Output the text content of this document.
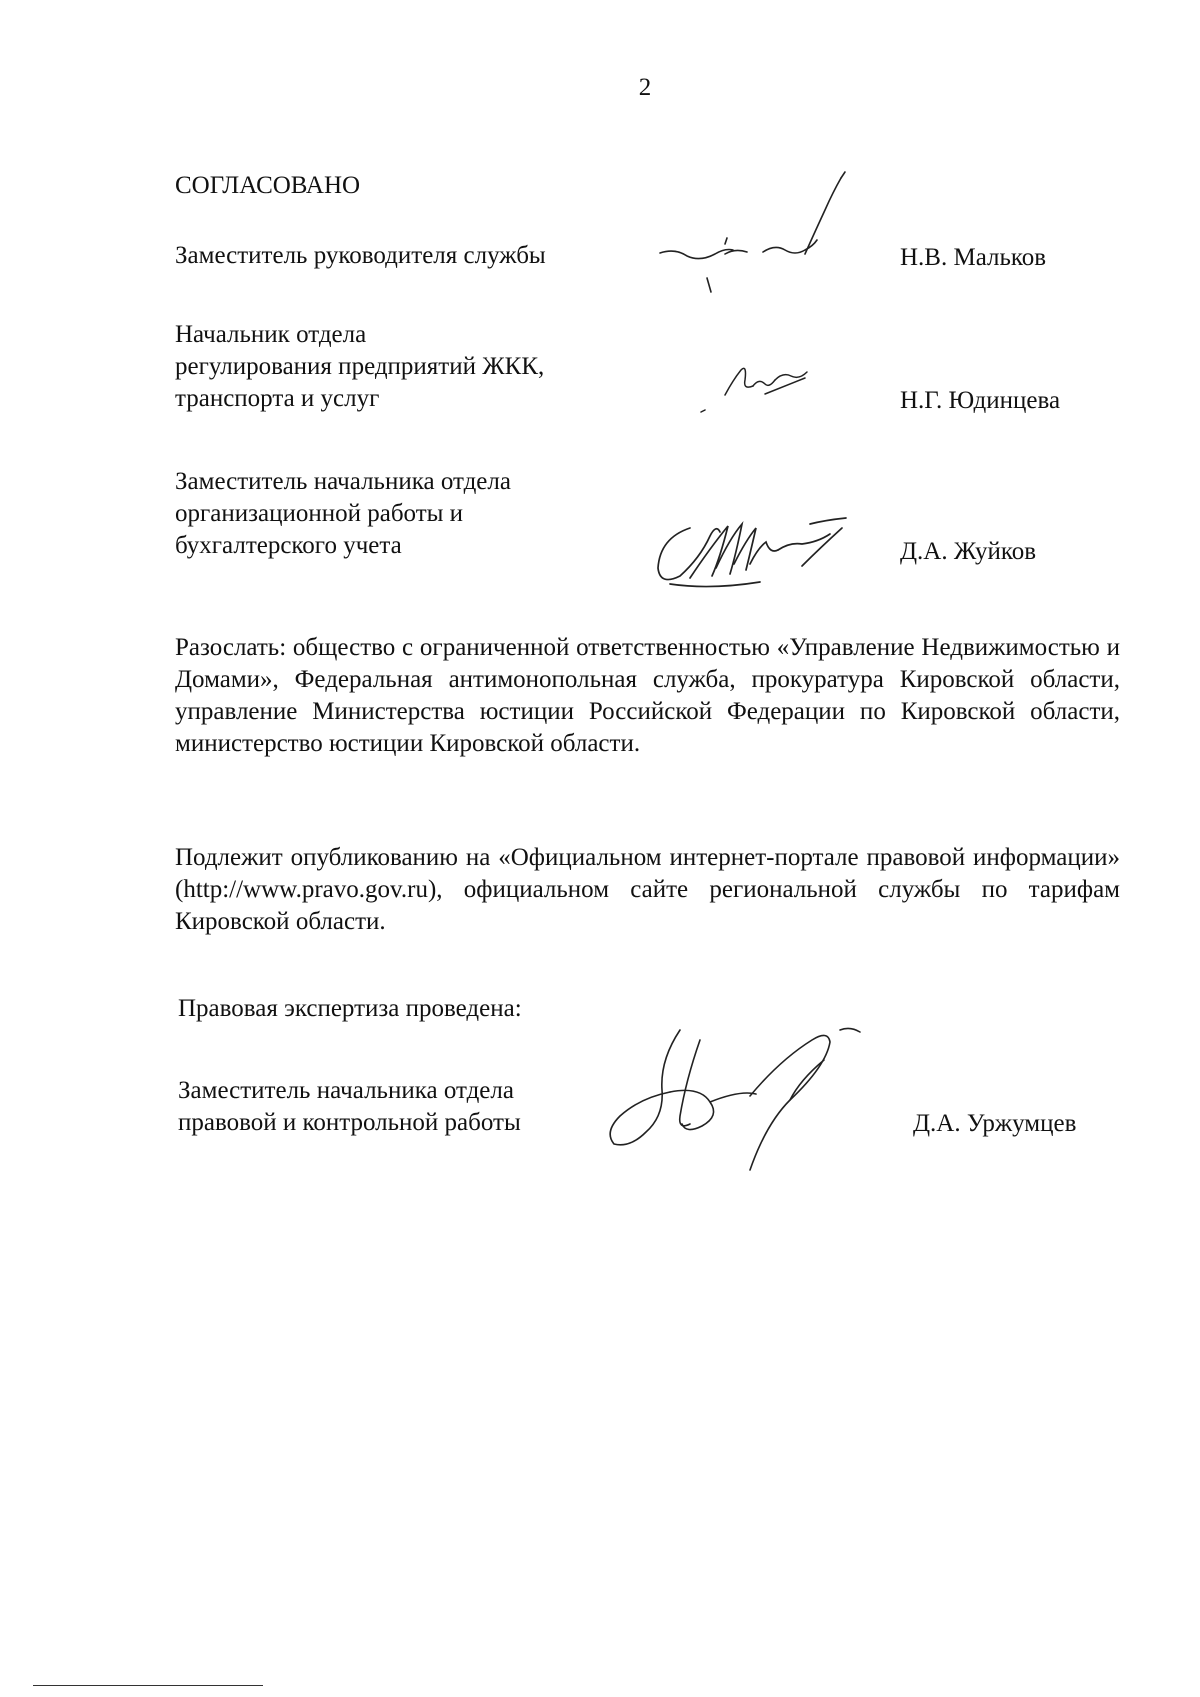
2
СОГЛАСОВАНО
Заместитель руководителя службы	Н.В. Мальков
Начальник отдела
регулирования предприятий ЖКК,
транспорта и услуг	Н.Г. Юдинцева
Заместитель начальника отдела
организационной работы и
бухгалтерского учета	Д.А. Жуйков
Разослать: общество с ограниченной ответственностью «Управление Недвижимостью и Домами», Федеральная антимонопольная служба, прокуратура Кировской области, управление Министерства юстиции Российской Федерации по Кировской области, министерство юстиции Кировской области.
Подлежит опубликованию на «Официальном интернет-портале правовой информации» (http://www.pravo.gov.ru), официальном сайте региональной службы по тарифам Кировской области.
Правовая экспертиза проведена:
Заместитель начальника отдела
правовой и контрольной работы	Д.А. Уржумцев
